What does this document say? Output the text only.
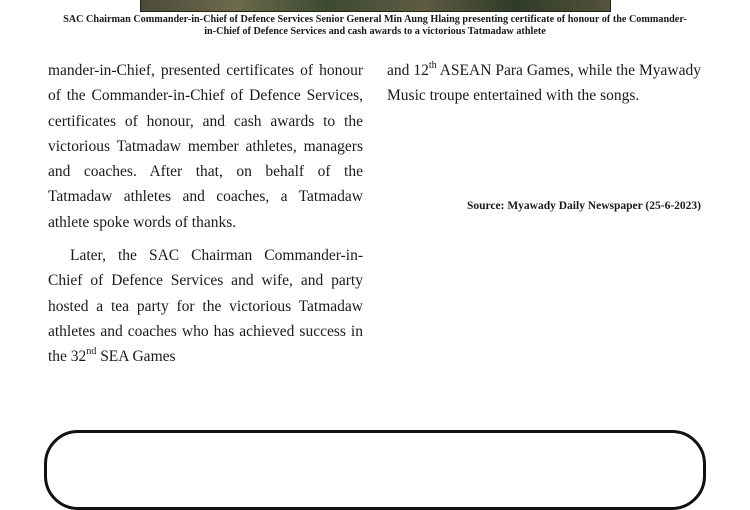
SAC Chairman Commander-in-Chief of Defence Services Senior General Min Aung Hlaing presenting certificate of honour of the Commander-in-Chief of Defence Services and cash awards to a victorious Tatmadaw athlete

mander-in-Chief, presented certificates of honour of the Commander-in-Chief of Defence Services, certificates of honour, and cash awards to the victorious Tatmadaw member athletes, managers and coaches. After that, on behalf of the Tatmadaw athletes and coaches, a Tatmadaw athlete spoke words of thanks.

Later, the SAC Chairman Commander-in-Chief of Defence Services and wife, and party hosted a tea party for the victorious Tatmadaw athletes and coaches who has achieved success in the 32nd SEA Games

and 12th ASEAN Para Games, while the Myawady Music troupe entertained with the songs.

Source: Myawady Daily Newspaper (25-6-2023)
